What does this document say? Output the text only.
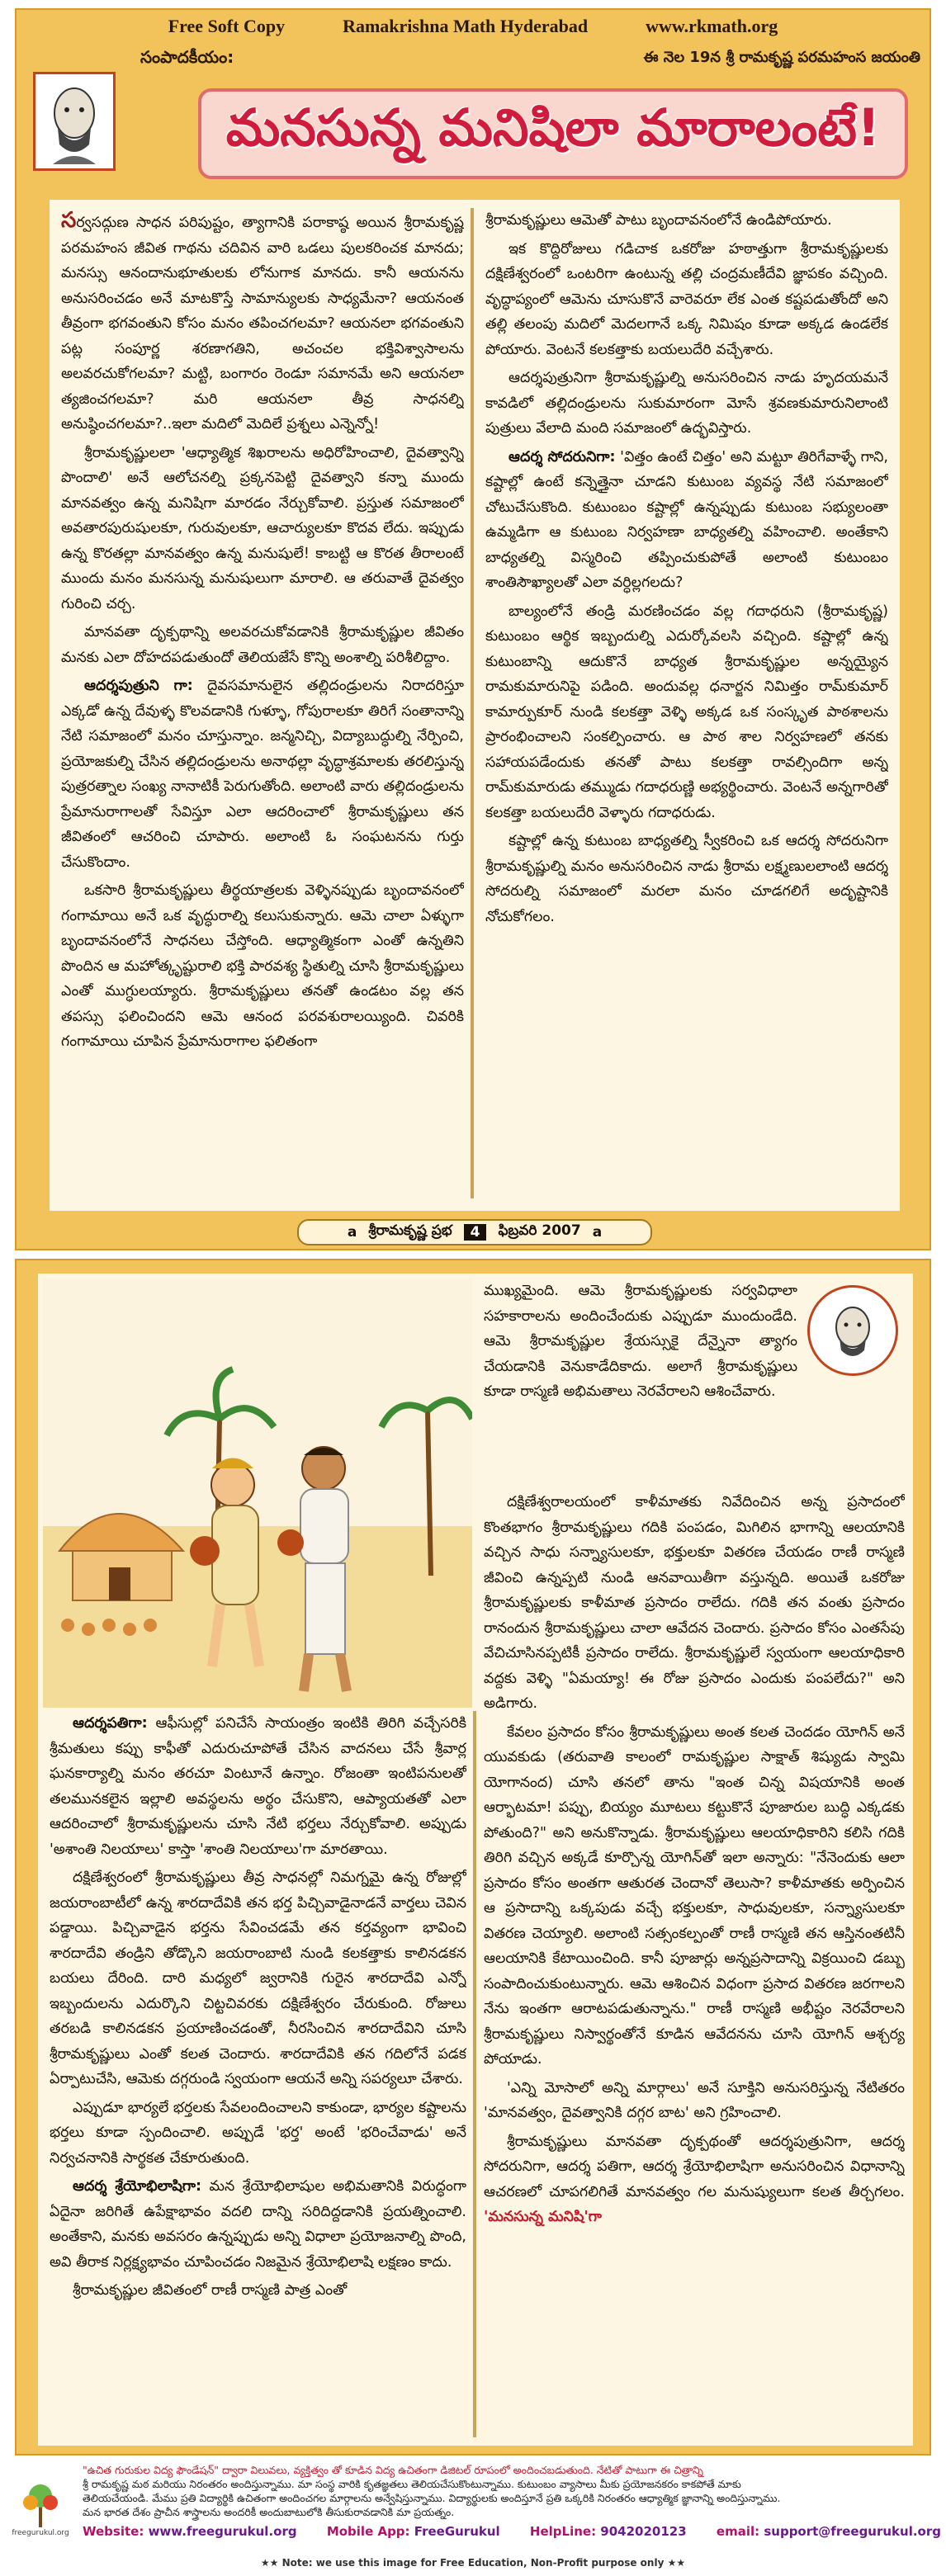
Free Soft Copy	Ramakrishna Math Hyderabad	www.rkmath.org
సంపాదకీయం:	ఈ నెల 19న శ్రీ రామకృష్ణ పరమహంస జయంతి
మనసున్న మనిషిలా మారాలంటే!

సర్వసద్గుణ సాధన పరిపుష్టం, త్యాగానికి పరాకాష్ఠ అయిన శ్రీరామకృష్ణ పరమహంస జీవిత గాథను చదివిన వారి ఒడలు పులకరించక మానదు; మనస్సు ఆనందానుభూతులకు లోనుగాక మానదు. కానీ ఆయనను అనుసరించడం అనే మాటకొస్తే సామాన్యులకు సాధ్యమేనా? ఆయనంత తీవ్రంగా భగవంతుని కోసం మనం తపించగలమా? ఆయనలా భగవంతుని పట్ల సంపూర్ణ శరణాగతిని, అచంచల భక్తివిశ్వాసాలను అలవరచుకోగలమా? మట్టి, బంగారం రెండూ సమానమే అని ఆయనలా త్యజించగలమా? మరి ఆయనలా తీవ్ర సాధనల్ని అనుష్ఠించగలమా?..ఇలా మదిలో మెదిలే ప్రశ్నలు ఎన్నెన్నో!

శ్రీరామకృష్ణులలా 'ఆధ్యాత్మిక శిఖరాలను అధిరోహించాలి, దైవత్వాన్ని పొందాలి' అనే ఆలోచనల్ని ప్రక్కనపెట్టి దైవత్వాని కన్నా ముందు మానవత్వం ఉన్న మనిషిగా మారడం నేర్చుకోవాలి. ప్రస్తుత సమాజంలో అవతారపురుషులకూ, గురువులకూ, ఆచార్యులకూ కొదవ లేదు. ఇప్పుడు ఉన్న కొరతల్లా మానవత్వం ఉన్న మనుషులే! కాబట్టి ఆ కొరత తీరాలంటే ముందు మనం మనసున్న మనుషులుగా మారాలి. ఆ తరువాతే దైవత్వం గురించి చర్చ.

మానవతా దృక్పథాన్ని అలవరచుకోవడానికి శ్రీరామకృష్ణుల జీవితం మనకు ఎలా దోహదపడుతుందో తెలియజేసే కొన్ని అంశాల్ని పరిశీలిద్దాం.

ఆదర్శపుత్రుని గా: దైవసమానులైన తల్లిదండ్రులను నిరాదరిస్తూ ఎక్కడో ఉన్న దేవుళ్ళ కొలవడానికి గుళ్ళూ, గోపురాలకూ తిరిగే సంతానాన్ని నేటి సమాజంలో మనం చూస్తున్నాం. జన్మనిచ్చి, విద్యాబుద్ధుల్ని నేర్పించి, ప్రయోజకుల్ని చేసిన తల్లిదండ్రులను అనాథల్లా వృద్ధాశ్రమాలకు తరలిస్తున్న పుత్రరత్నాల సంఖ్య నానాటికీ పెరుగుతోంది. అలాంటి వారు తల్లిదండ్రులను ప్రేమానురాగాలతో సేవిస్తూ ఎలా ఆదరించాలో శ్రీరామకృష్ణులు తన జీవితంలో ఆచరించి చూపారు. అలాంటి ఓ సంఘటనను గుర్తు చేసుకొందాం.

ఒకసారి శ్రీరామకృష్ణులు తీర్థయాత్రలకు వెళ్ళినప్పుడు బృందావనంలో గంగామాయి అనే ఒక వృద్ధురాల్ని కలుసుకున్నారు. ఆమె చాలా ఏళ్ళుగా బృందావనంలోనే సాధనలు చేస్తోంది. ఆధ్యాత్మికంగా ఎంతో ఉన్నతిని పొందిన ఆ మహోత్కృష్టురాలి భక్తి పారవశ్య స్థితుల్ని చూసి శ్రీరామకృష్ణులు ఎంతో ముగ్ధులయ్యారు. శ్రీరామకృష్ణులు తనతో ఉండటం వల్ల తన తపస్సు ఫలించిందని ఆమె ఆనంద పరవశురాలయ్యింది. చివరికి గంగామాయి చూపిన ప్రేమానురాగాల ఫలితంగా

శ్రీరామకృష్ణులు ఆమెతో పాటు బృందావనంలోనే ఉండిపోయారు.

ఇక కొద్దిరోజులు గడిచాక ఒకరోజు హఠాత్తుగా శ్రీరామకృష్ణులకు దక్షిణేశ్వరంలో ఒంటరిగా ఉంటున్న తల్లి చంద్రమణీదేవి జ్ఞాపకం వచ్చింది. వృద్ధాప్యంలో ఆమెను చూసుకొనే వారెవరూ లేక ఎంత కష్టపడుతోందో అని తల్లి తలంపు మదిలో మెదలగానే ఒక్క నిమిషం కూడా అక్కడ ఉండలేక పోయారు. వెంటనే కలకత్తాకు బయలుదేరి వచ్చేశారు.

ఆదర్శపుత్రునిగా శ్రీరామకృష్ణుల్ని అనుసరించిన నాడు హృదయమనే కావడిలో తల్లిదండ్రులను సుకుమారంగా మోసే శ్రవణకుమారునిలాంటి పుత్రులు వేలాది మంది సమాజంలో ఉద్భవిస్తారు.

ఆదర్శ సోదరునిగా: 'విత్తం ఉంటే చిత్తం' అని మట్టూ తిరిగేవాళ్ళే గాని, కష్టాల్లో ఉంటే కన్నెత్తైనా చూడని కుటుంబ వ్యవస్థ నేటి సమాజంలో చోటుచేసుకొంది. కుటుంబం కష్టాల్లో ఉన్నప్పుడు కుటుంబ సభ్యులంతా ఉమ్మడిగా ఆ కుటుంబ నిర్వహణా బాధ్యతల్ని వహించాలి. అంతేకాని బాధ్యతల్ని విస్మరించి తప్పించుకుపోతే అలాంటి కుటుంబం శాంతిసౌఖ్యాలతో ఎలా వర్ధిల్లగలదు?

బాల్యంలోనే తండ్రి మరణించడం వల్ల గదాధరుని (శ్రీరామకృష్ణ) కుటుంబం ఆర్థిక ఇబ్బందుల్ని ఎదుర్కోవలసి వచ్చింది. కష్టాల్లో ఉన్న కుటుంబాన్ని ఆదుకొనే బాధ్యత శ్రీరామకృష్ణుల అన్నయ్యైన రామకుమారునిపై పడింది. అందువల్ల ధనార్జన నిమిత్తం రామ్‌కుమార్ కామార్పుకూర్ నుండి కలకత్తా వెళ్ళి అక్కడ ఒక సంస్కృత పాఠశాలను ప్రారంభించాలని సంకల్పించారు. ఆ పాఠ శాల నిర్వహణలో తనకు సహాయపడేందుకు తనతో పాటు కలకత్తా రావల్సిందిగా అన్న రామ్‌కుమారుడు తమ్ముడు గదాధరుణ్ణి అభ్యర్థించారు. వెంటనే అన్నగారితో కలకత్తా బయలుదేరి వెళ్ళారు గదాధరుడు.

కష్టాల్లో ఉన్న కుటుంబ బాధ్యతల్ని స్వీకరించి ఒక ఆదర్శ సోదరునిగా శ్రీరామకృష్ణుల్ని మనం అనుసరించిన నాడు శ్రీరామ లక్ష్మణులలాంటి ఆదర్శ సోదరుల్ని సమాజంలో మరలా మనం చూడగలిగే అదృష్టానికి నోచుకోగలం.

a శ్రీరామకృష్ణ ప్రభ	4	ఫిబ్రవరి 2007 a
ముఖ్యమైంది. ఆమె శ్రీరామకృష్ణులకు సర్వవిధాలా సహకారాలను అందించేందుకు ఎప్పుడూ ముందుండేది. ఆమె శ్రీరామకృష్ణుల శ్రేయస్సుకై దేన్నైనా త్యాగం చేయడానికి వెనుకాడేదికాదు. అలాగే శ్రీరామకృష్ణులు కూడా రాస్మణి అభిమతాలు నెరవేరాలని ఆశించేవారు.

ఆదర్శపతిగా: ఆఫీసుల్లో పనిచేసే సాయంత్రం ఇంటికి తిరిగి వచ్చేసరికి శ్రీమతులు కప్పు కాఫీతో ఎదురుచూపోతే చేసిన వాదనలు చేసే శ్రీవార్ల ఘనకార్యాల్ని మనం తరచూ వింటూనే ఉన్నాం. రోజంతా ఇంటిపనులతో తలమునకలైన ఇల్లాలి అవస్థలను అర్థం చేసుకొని, ఆప్యాయతతో ఎలా ఆదరించాలో శ్రీరామకృష్ణులను చూసి నేటి భర్తలు నేర్చుకోవాలి. అప్పుడు 'అశాంతి నిలయాలు' కాస్తా 'శాంతి నిలయాలు'గా మారతాయి.

దక్షిణేశ్వరంలో శ్రీరామకృష్ణులు తీవ్ర సాధనల్లో నిమగ్నమై ఉన్న రోజుల్లో జయరాంబాటీలో ఉన్న శారదాదేవికి తన భర్త పిచ్చివాడైనాడనే వార్తలు చెవిన పడ్డాయి. పిచ్చివాడైన భర్తను సేవించడమే తన కర్తవ్యంగా భావించి శారదాదేవి తండ్రిని తోడ్కొని జయరాంబాటి నుండి కలకత్తాకు కాలినడకన బయలు దేరింది. దారి మధ్యలో జ్వరానికి గురైన శారదాదేవి ఎన్నో ఇబ్బందులను ఎదుర్కొని చిట్టచివరకు దక్షిణేశ్వరం చేరుకుంది. రోజులు తరబడి కాలినడకన ప్రయాణించడంతో, నీరసించిన శారదాదేవిని చూసి శ్రీరామకృష్ణులు ఎంతో కలత చెందారు. శారదాదేవికి తన గదిలోనే పడక ఏర్పాటుచేసి, ఆమెకు దగ్గరుండి స్వయంగా ఆయనే అన్ని సపర్యలూ చేశారు.

ఎప్పుడూ భార్యలే భర్తలకు సేవలందించాలని కాకుండా, భార్యల కష్టాలను భర్తలు కూడా స్పందించాలి. అప్పుడే 'భర్త' అంటే 'భరించేవాడు' అనే నిర్వచనానికి సార్థకత చేకూరుతుంది.

ఆదర్శ శ్రేయోభిలాషిగా: మన శ్రేయోభిలాషుల అభిమతానికి విరుద్ధంగా ఏదైనా జరిగితే ఉపేక్షాభావం వదలి దాన్ని సరిదిద్దడానికి ప్రయత్నించాలి. అంతేకాని, మనకు అవసరం ఉన్నప్పుడు అన్ని విధాలా ప్రయోజనాల్ని పొంది, అవి తీరాక నిర్లక్ష్యభావం చూపించడం నిజమైన శ్రేయోభిలాషి లక్షణం కాదు.

శ్రీరామకృష్ణుల జీవితంలో రాణీ రాస్మణి పాత్ర ఎంతో

దక్షిణేశ్వరాలయంలో కాళీమాతకు నివేదించిన అన్న ప్రసాదంలో కొంతభాగం శ్రీరామకృష్ణులు గదికి పంపడం, మిగిలిన భాగాన్ని ఆలయానికి వచ్చిన సాధు సన్న్యాసులకూ, భక్తులకూ వితరణ చేయడం రాణీ రాస్మణి జీవించి ఉన్నప్పటి నుండి ఆనవాయితీగా వస్తున్నది. అయితే ఒకరోజు శ్రీరామకృష్ణులకు కాళీమాత ప్రసాదం రాలేదు. గదికి తన వంతు ప్రసాదం రానందున శ్రీరామకృష్ణులు చాలా ఆవేదన చెందారు. ప్రసాదం కోసం ఎంతసేపు వేచిచూసినప్పటికీ ప్రసాదం రాలేదు. శ్రీరామకృష్ణులే స్వయంగా ఆలయాధికారి వద్దకు వెళ్ళి "ఏమయ్యా! ఈ రోజు ప్రసాదం ఎందుకు పంపలేదు?" అని అడిగారు.

కేవలం ప్రసాదం కోసం శ్రీరామకృష్ణులు అంత కలత చెందడం యోగిన్ అనే యువకుడు (తరువాతి కాలంలో రామకృష్ణుల సాక్షాత్ శిష్యుడు స్వామి యోగానంద) చూసి తనలో తాను "ఇంత చిన్న విషయానికి అంత ఆర్భాటమా! పప్పు, బియ్యం మూటలు కట్టుకొనే పూజారుల బుద్ధి ఎక్కడకు పోతుంది?" అని అనుకొన్నాడు. శ్రీరామకృష్ణులు ఆలయాధికారిని కలిసి గదికి తిరిగి వచ్చిన అక్కడే కూర్చొన్న యోగిన్‌తో ఇలా అన్నారు: "నేనెందుకు ఆలా ప్రసాదం కోసం అంతగా ఆతురత చెందానో తెలుసా? కాళీమాతకు అర్పించిన ఆ ప్రసాదాన్ని ఒక్కపుడు వచ్చే భక్తులకూ, సాధువులకూ, సన్న్యాసులకూ వితరణ చెయ్యాలి. అలాంటి సత్సంకల్పంతో రాణీ రాస్మణి తన ఆస్తినంతటినీ ఆలయానికి కేటాయించింది. కానీ పూజార్లు అన్నప్రసాదాన్ని విక్రయించి డబ్బు సంపాదించుకుంటున్నారు. ఆమె ఆశించిన విధంగా ప్రసాద వితరణ జరగాలని నేను ఇంతగా ఆరాటపడుతున్నాను." రాణీ రాస్మణి అభీష్టం నెరవేరాలని శ్రీరామకృష్ణులు నిస్వార్థంతోనే కూడిన ఆవేదనను చూసి యోగిన్ ఆశ్చర్య పోయాడు.

'ఎన్ని మోసాలో అన్ని మార్గాలు' అనే సూక్తిని అనుసరిస్తున్న నేటితరం 'మానవత్వం, దైవత్వానికి దగ్గర బాట' అని గ్రహించాలి.

శ్రీరామకృష్ణులు మానవతా దృక్పథంతో ఆదర్శపుత్రునిగా, ఆదర్శ సోదరునిగా, ఆదర్శ పతిగా, ఆదర్శ శ్రేయోభిలాషిగా అనుసరించిన విధానాన్ని ఆచరణలో చూపగలిగితే మానవత్వం గల మనుష్యులుగా కలత తీర్చగలం. 'మనసున్న మనిషి'గా

freegurukul.org
"ఉచిత గురుకుల విద్య ఫౌండేషన్" ద్వారా విలువలు, వ్యక్తిత్వం తో కూడిన విద్య ఉచితంగా డిజిటల్ రూపంలో అందించబడుతుంది. నేటితో పాటుగా ఈ చిత్రాన్ని
శ్రీ రామకృష్ణ మఠ మరియు నిరంతరం అందిస్తున్నాము. మా సంస్థ వారికి కృతజ్ఞతలు తెలియచేసుకొంటున్నాము. కుటుంబం వ్యాసాలు మీకు ప్రయోజనకరం కాకపోతే మాకు
తెలియచేయండి. మేము ప్రతి విద్యార్థికి ఉచితంగా అందించగల మార్గాలను అన్వేషిస్తున్నాము. విద్యార్థులకు అందిస్తూనే ప్రతి ఒక్కరికి నిరంతరం ఆధ్యాత్మిక జ్ఞానాన్ని అందిస్తున్నాము.
మన భారత దేశం ప్రాచీన శాస్త్రాలను అందరికీ అందుబాటులోకి తీసుకురావడానికి మా ప్రయత్నం.
Website: www.freegurukul.org Mobile App: FreeGurukul HelpLine: 9042020123 email: support@freegurukul.org
★★ Note: we use this image for Free Education, Non-Profit purpose only ★★
